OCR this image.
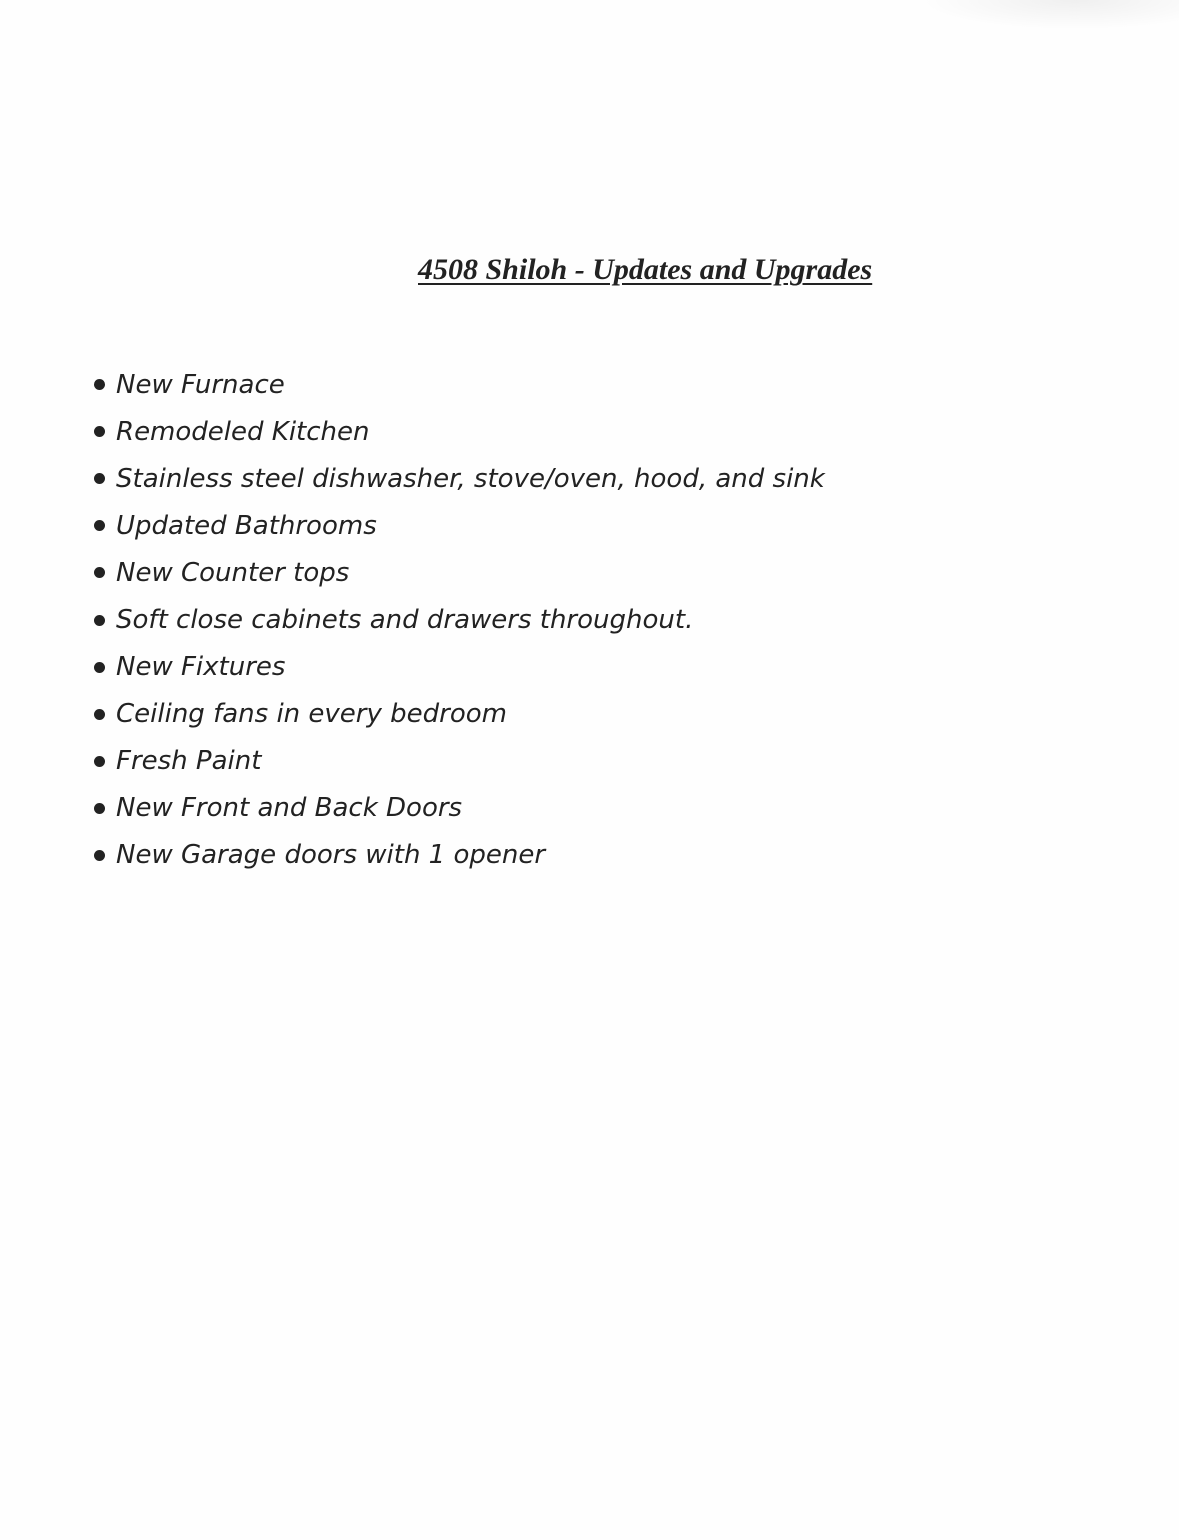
4508 Shiloh - Updates and Upgrades
New Furnace
Remodeled Kitchen
Stainless steel dishwasher, stove/oven, hood, and sink
Updated Bathrooms
New Counter tops
Soft close cabinets and drawers throughout.
New Fixtures
Ceiling fans in every bedroom
Fresh Paint
New Front and Back Doors
New Garage doors with 1 opener
